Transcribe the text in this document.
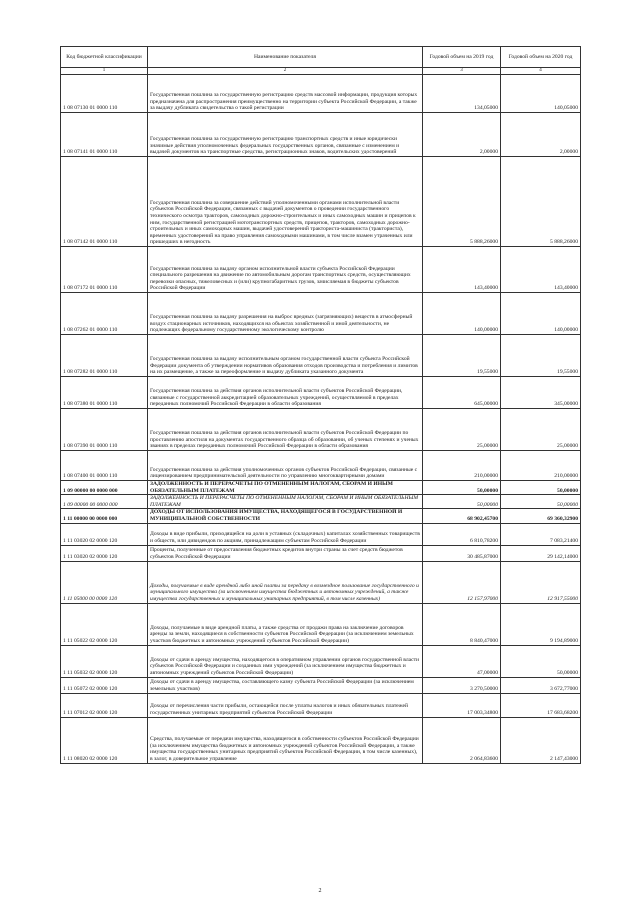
Код бюджетной классификации	Наименование показателя	Годовой объем на 2019 год	Годовой объем на 2020 год
1	2	3	4
1 08 07130 01 0000 110	Государственная пошлина за государственную регистрацию средств массовой информации, продукция которых предназначена для распространения преимущественно на территории субъекта Российской Федерации, а также за выдачу дубликата свидетельства о такой регистрации	134,05000	140,05000
1 08 07141 01 0000 110	Государственная пошлина за государственную регистрацию транспортных средств и иные юридически значимые действия уполномоченных федеральных государственных органов, связанные с изменением и выдачей документов на транспортные средства, регистрационных знаков, водительских удостоверений	2,00000	2,00000
1 08 07142 01 0000 110	Государственная пошлина за совершение действий уполномоченными органами исполнительной власти субъектов Российской Федерации, связанных с выдачей документов о проведении государственного технического осмотра тракторов, самоходных дорожно-строительных и иных самоходных машин и прицепов к ним, государственной регистрацией мототранспортных средств, прицепов, тракторов, самоходных дорожно-строительных и иных самоходных машин, выдачей удостоверений тракториста-машиниста (тракториста), временных удостоверений на право управления самоходными машинами, в том числе взамен утраченных или пришедших в негодность	5 888,26000	5 888,26000
1 08 07172 01 0000 110	Государственная пошлина за выдачу органом исполнительной власти субъекта Российской Федерации специального разрешения на движение по автомобильным дорогам транспортных средств, осуществляющих перевозки опасных, тяжеловесных и (или) крупногабаритных грузов, зачисляемая в бюджеты субъектов Российской Федерации	143,40000	143,40000
1 08 07262 01 0000 110	Государственная пошлина за выдачу разрешения на выброс вредных (загрязняющих) веществ в атмосферный воздух стационарных источников, находящихся на объектах хозяйственной и иной деятельности, не подлежащих федеральному государственному экологическому контролю	140,00000	140,00000
1 08 07282 01 0000 110	Государственная пошлина за выдачу исполнительным органом государственной власти субъекта Российской Федерации документа об утверждении нормативов образования отходов производства и потребления и лимитов на их размещение, а также за переоформление и выдачу дубликата указанного документа	19,55000	19,55000
1 08 07380 01 0000 110	Государственная пошлина за действия органов исполнительной власти субъектов Российской Федерации, связанные с государственной аккредитацией образовательных учреждений, осуществляемой в пределах переданных полномочий Российской Федерации в области образования	645,00000	345,00000
1 08 07390 01 0000 110	Государственная пошлина за действия органов исполнительной власти субъектов Российской Федерации по проставлению апостиля на документах государственного образца об образовании, об ученых степенях и ученых званиях в пределах переданных полномочий Российской Федерации в области образования	25,00000	25,00000
1 08 07400 01 0000 110	Государственная пошлина за действия уполномоченных органов субъектов Российской Федерации, связанные с лицензированием предпринимательской деятельности по управлению многоквартирными домами	210,00000	210,00000
1 09 00000 00 0000 000	ЗАДОЛЖЕННОСТЬ И ПЕРЕРАСЧЕТЫ ПО ОТМЕНЕННЫМ НАЛОГАМ, СБОРАМ И ИНЫМ ОБЯЗАТЕЛЬНЫМ ПЛАТЕЖАМ	50,00000	50,00000
1 09 00000 00 0000 000	ЗАДОЛЖЕННОСТЬ И ПЕРЕРАСЧЕТЫ ПО ОТМЕНЕННЫМ НАЛОГАМ, СБОРАМ И ИНЫМ ОБЯЗАТЕЛЬНЫМ ПЛАТЕЖАМ	50,00000	50,00000
1 11 00000 00 0000 000	ДОХОДЫ ОТ ИСПОЛЬЗОВАНИЯ ИМУЩЕСТВА, НАХОДЯЩЕГОСЯ В ГОСУДАРСТВЕННОЙ И МУНИЦИПАЛЬНОЙ СОБСТВЕННОСТИ	68 902,45700	69 360,32900
1 11 03020 02 0000 120	Доходы в виде прибыли, приходящейся на доли в уставных (складочных) капиталах хозяйственных товариществ и обществ, или дивидендов по акциям, принадлежащим субъектам Российской Федерации	6 810,78200	7 083,21400
1 11 03020 02 0000 120	Проценты, полученные от предоставления бюджетных кредитов внутри страны за счет средств бюджетов субъектов Российской Федерации	30 485,87000	29 142,14000
1 11 05000 00 0000 120	Доходы, получаемые в виде арендной либо иной платы за передачу в возмездное пользование государственного и муниципального имущества (за исключением имущества бюджетных и автономных учреждений, а также имущества государственных и муниципальных унитарных предприятий, в том числе казенных)	12 157,97000	12 917,55000
1 11 05022 02 0000 120	Доходы, получаемые в виде арендной платы, а также средства от продажи права на заключение договоров аренды за земли, находящиеся в собственности субъектов Российской Федерации (за исключением земельных участков бюджетных и автономных учреждений субъектов Российской Федерации)	8 840,47000	9 194,89000
1 11 05032 02 0000 120	Доходы от сдачи в аренду имущества, находящегося в оперативном управлении органов государственной власти субъектов Российской Федерации и созданных ими учреждений (за исключением имущества бюджетных и автономных учреждений субъектов Российской Федерации)	47,00000	50,00000
1 11 05072 02 0000 120	Доходы от сдачи в аренду имущества, составляющего казну субъекта Российской Федерации (за исключением земельных участков)	3 270,50000	3 672,77000
1 11 07012 02 0000 120	Доходы от перечисления части прибыли, остающейся после уплаты налогов и иных обязательных платежей государственных унитарных предприятий субъектов Российской Федерации	17 003,34800	17 683,68200
1 11 08020 02 0000 120	Средства, получаемые от передачи имущества, находящегося в собственности субъектов Российской Федерации (за исключением имущества бюджетных и автономных учреждений субъектов Российской Федерации, а также имущества государственных унитарных предприятий субъектов Российской Федерации, в том числе казенных), в залог, в доверительное управление	2 064,83600	2 147,43000
2
